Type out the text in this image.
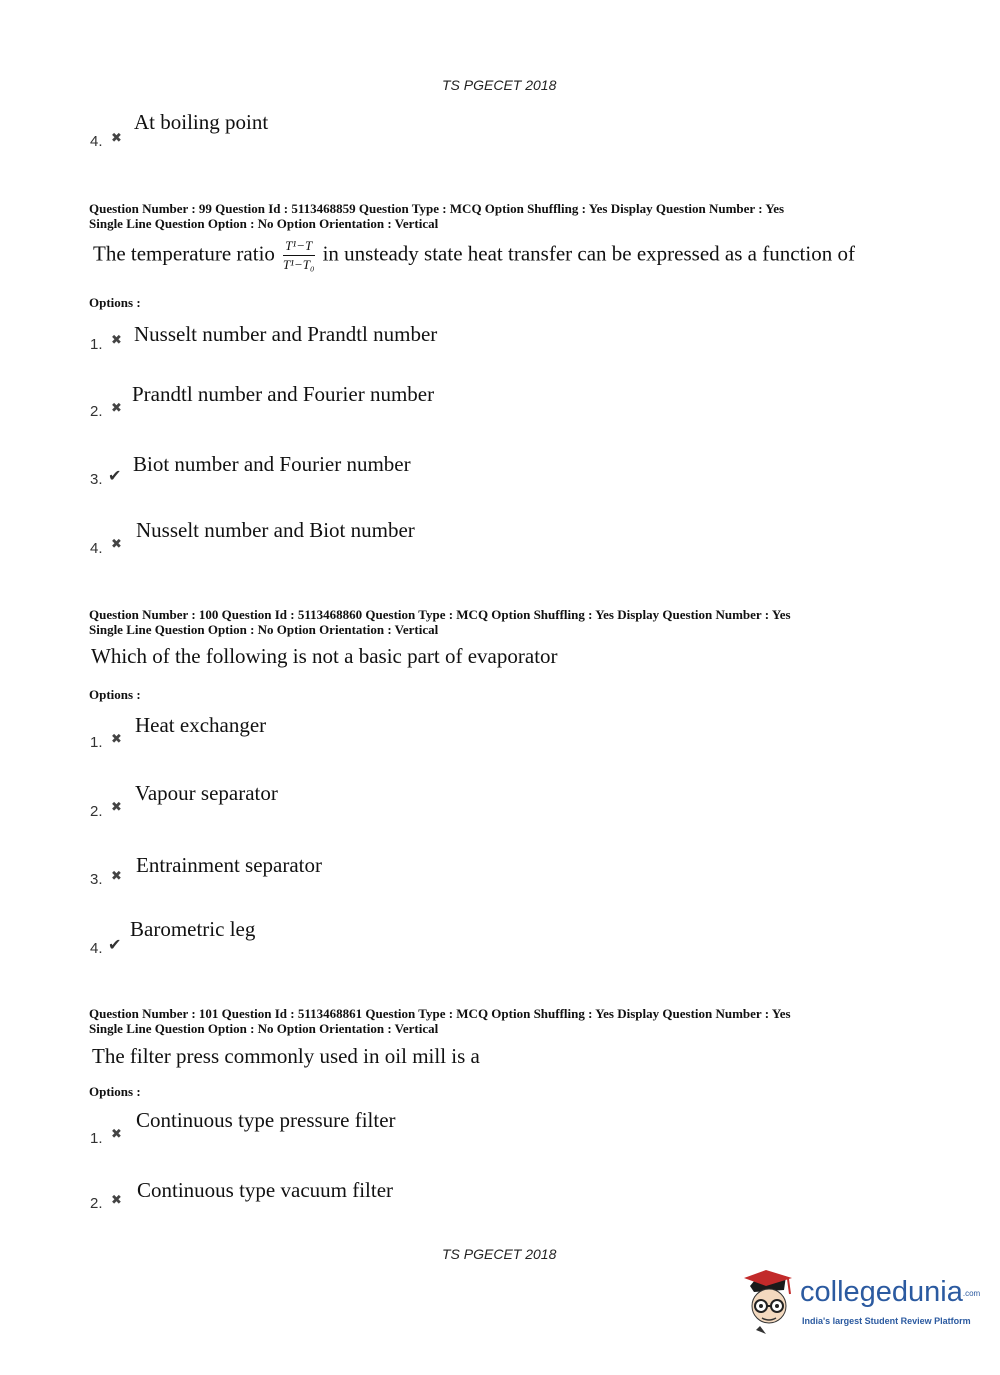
TS PGECET 2018
4. ✖
At boiling point
Question Number : 99 Question Id : 5113468859 Question Type : MCQ Option Shuffling : Yes Display Question Number : Yes
Single Line Question Option : No Option Orientation : Vertical
The temperature ratio $\frac{\text{T¹−T}}{\text{T¹−T₀}}$ in unsteady state heat transfer can be expressed as a function of
Options :
1. ✖ Nusselt number and Prandtl number
2. ✖
Prandtl number and Fourier number
3. ✔ Biot number and Fourier number
4. ✖
Nusselt number and Biot number
Question Number : 100 Question Id : 5113468860 Question Type : MCQ Option Shuffling : Yes Display Question Number : Yes
Single Line Question Option : No Option Orientation : Vertical
Which of the following is not a basic part of evaporator
Options :
1. ✖
Heat exchanger
2. ✖
Vapour separator
3. ✖ Entrainment separator
4. ✔
Barometric leg
Question Number : 101 Question Id : 5113468861 Question Type : MCQ Option Shuffling : Yes Display Question Number : Yes
Single Line Question Option : No Option Orientation : Vertical
The filter press commonly used in oil mill is a
Options :
1. ✖
Continuous type pressure filter
2. ✖ Continuous type vacuum filter
TS PGECET 2018
collegedunia.com
India's largest Student Review Platform
